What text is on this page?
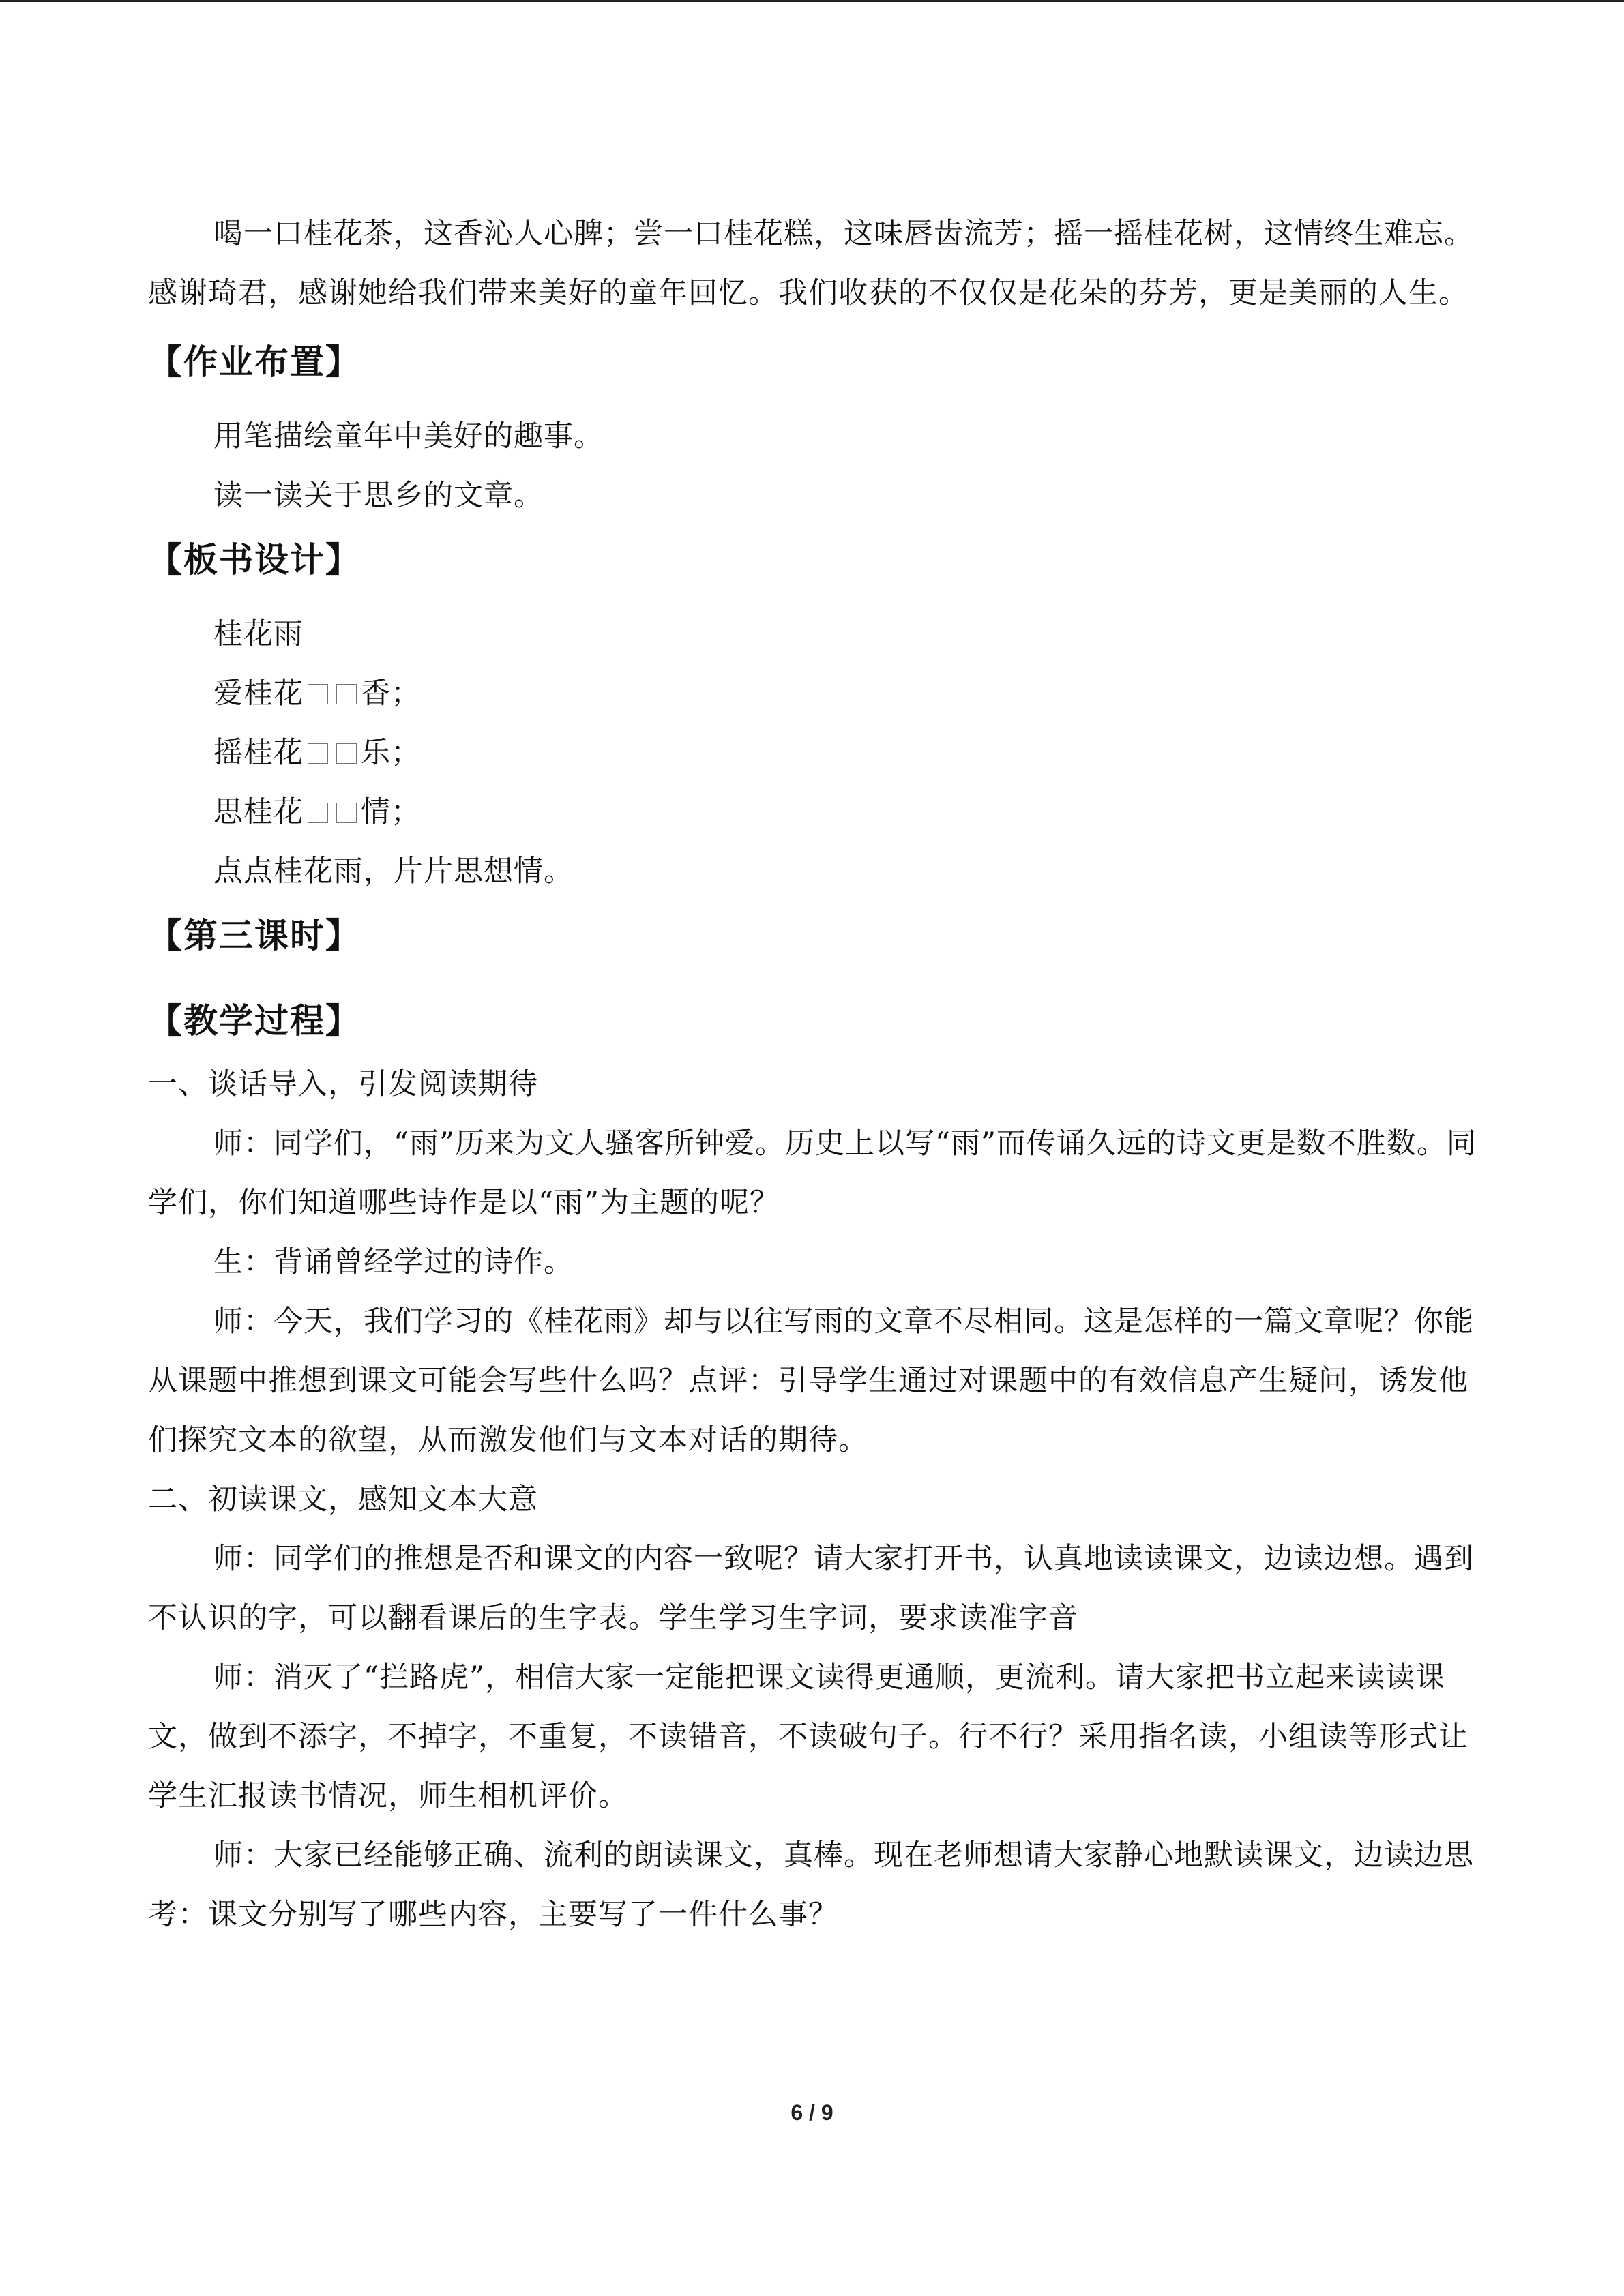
喝一口桂花茶，这香沁人心脾；尝一口桂花糕，这味唇齿流芳；摇一摇桂花树，这情终生难忘。感谢琦君，感谢她给我们带来美好的童年回忆。我们收获的不仅仅是花朵的芬芳，更是美丽的人生。

【作业布置】

用笔描绘童年中美好的趣事。

读一读关于思乡的文章。

【板书设计】

桂花雨

爱桂花 香；

摇桂花 乐；

思桂花 情；

点点桂花雨，片片思想情。

【第三课时】
【教学过程】

一、谈话导入，引发阅读期待

师：同学们，“雨”历来为文人骚客所钟爱。历史上以写“雨”而传诵久远的诗文更是数不胜数。同学们，你们知道哪些诗作是以“雨”为主题的呢？

生：背诵曾经学过的诗作。

师：今天，我们学习的《桂花雨》却与以往写雨的文章不尽相同。这是怎样的一篇文章呢？你能从课题中推想到课文可能会写些什么吗？点评：引导学生通过对课题中的有效信息产生疑问，诱发他们探究文本的欲望，从而激发他们与文本对话的期待。

二、初读课文，感知文本大意

师：同学们的推想是否和课文的内容一致呢？请大家打开书，认真地读读课文，边读边想。遇到不认识的字，可以翻看课后的生字表。学生学习生字词，要求读准字音

师：消灭了“拦路虎”，相信大家一定能把课文读得更通顺，更流利。请大家把书立起来读读课文，做到不添字，不掉字，不重复，不读错音，不读破句子。行不行？采用指名读，小组读等形式让学生汇报读书情况，师生相机评价。

师：大家已经能够正确、流利的朗读课文，真棒。现在老师想请大家静心地默读课文，边读边思考：课文分别写了哪些内容，主要写了一件什么事？

6 / 9
